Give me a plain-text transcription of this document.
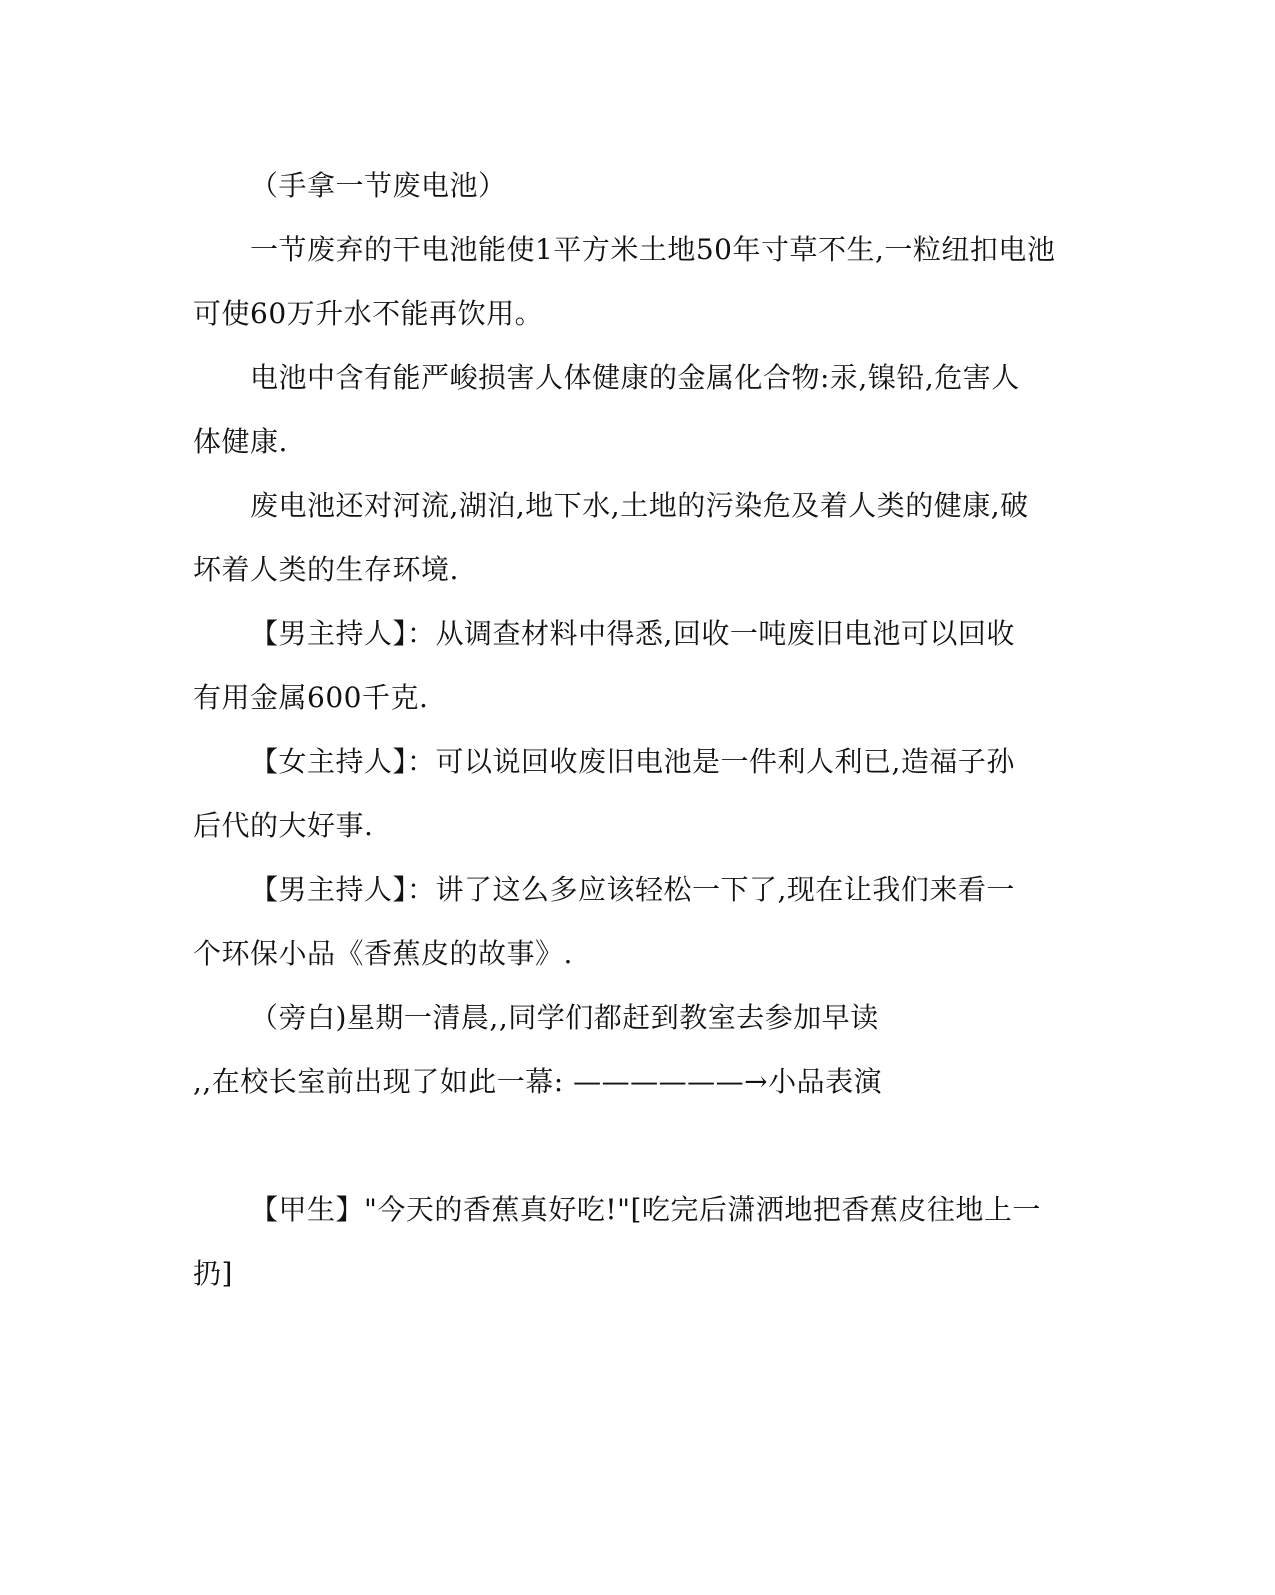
（手拿一节废电池）
一节废弃的干电池能使1平方米土地50年寸草不生,一粒纽扣电池
可使60万升水不能再饮用。
电池中含有能严峻损害人体健康的金属化合物:汞,镍铅,危害人
体健康.
废电池还对河流,湖泊,地下水,土地的污染危及着人类的健康,破
坏着人类的生存环境.
【男主持人】：从调查材料中得悉,回收一吨废旧电池可以回收
有用金属600千克.
【女主持人】：可以说回收废旧电池是一件利人利已,造福子孙
后代的大好事.
【男主持人】：讲了这么多应该轻松一下了,现在让我们来看一
个环保小品《香蕉皮的故事》.
（旁白)星期一清晨,,同学们都赶到教室去参加早读
,,在校长室前出现了如此一幕: ——————→小品表演
【甲生】"今天的香蕉真好吃!"[吃完后潇洒地把香蕉皮往地上一
扔]
